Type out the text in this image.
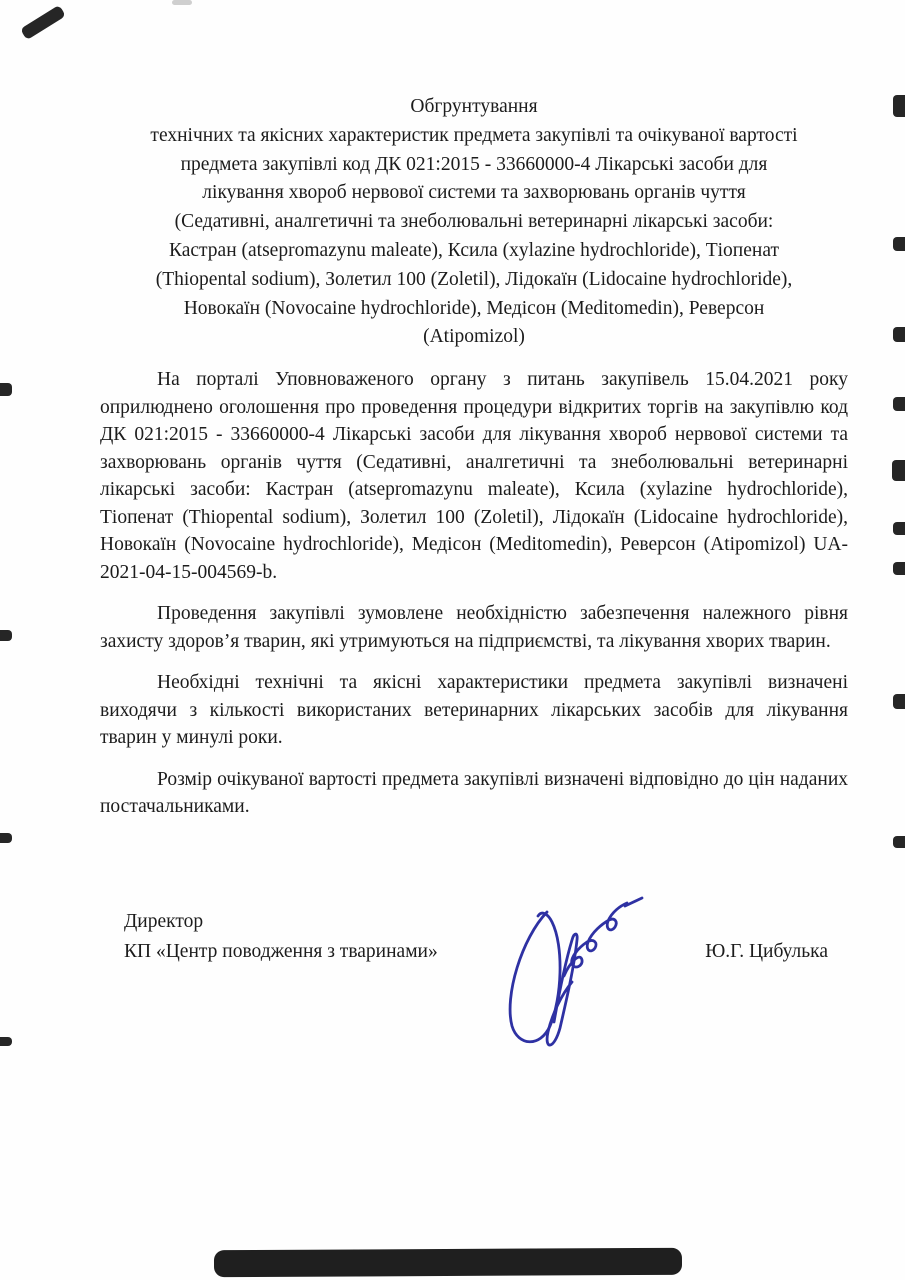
Обгрунтування
технічних та якісних характеристик предмета закупівлі та очікуваної вартості
предмета закупівлі код ДК 021:2015 - 33660000-4 Лікарські засоби для
лікування хвороб нервової системи та захворювань органів чуття
(Седативні, аналгетичні та знеболювальні ветеринарні лікарські засоби:
Кастран (atsepromazynu maleate), Ксила (xylazine hydrochloride), Тіопенат
(Thiopental sodium), Золетил 100 (Zoletil), Лідокаїн (Lidocaine hydrochloride),
Новокаїн (Novocaine hydrochloride), Медісон (Meditomedin), Реверсон
(Atipomizol)

На порталі Уповноваженого органу з питань закупівель 15.04.2021 року оприлюднено оголошення про проведення процедури відкритих торгів на закупівлю код ДК 021:2015 - 33660000-4 Лікарські засоби для лікування хвороб нервової системи та захворювань органів чуття (Седативні, аналгетичні та знеболювальні ветеринарні лікарські засоби: Кастран (atsepromazynu maleate), Ксила (xylazine hydrochloride), Тіопенат (Thiopental sodium), Золетил 100 (Zoletil), Лідокаїн (Lidocaine hydrochloride), Новокаїн (Novocaine hydrochloride), Медісон (Meditomedin), Реверсон (Atipomizol) UA-2021-04-15-004569-b.

Проведення закупівлі зумовлене необхідністю забезпечення належного рівня захисту здоров’я тварин, які утримуються на підприємстві, та лікування хворих тварин.

Необхідні технічні та якісні характеристики предмета закупівлі визначені виходячи з кількості використаних ветеринарних лікарських засобів для лікування тварин у минулі роки.

Розмір очікуваної вартості предмета закупівлі визначені відповідно до цін наданих постачальниками.

Директор
КП «Центр поводження з тваринами»	Ю.Г. Цибулька
